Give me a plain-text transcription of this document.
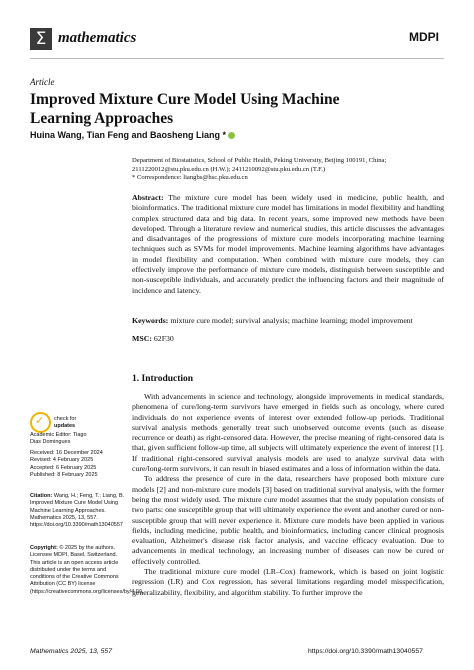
Σ mathematics	MDPI
Article
Improved Mixture Cure Model Using Machine Learning Approaches
Huina Wang, Tian Feng and Baosheng Liang *
Department of Biostatistics, School of Public Health, Peking University, Beijing 100191, China;
2111220012@stu.pku.edu.cn (H.W.); 2411210092@stu.pku.edu.cn (T.F.)
* Correspondence: liangbs@hsc.pku.edu.cn
Abstract: The mixture cure model has been widely used in medicine, public health, and bioinformatics. The traditional mixture cure model has limitations in model flexibility and handling complex structured data and big data. In recent years, some improved new methods have been developed. Through a literature review and numerical studies, this article discusses the advantages and disadvantages of the progressions of mixture cure models incorporating machine learning techniques such as SVMs for model improvements. Machine learning algorithms have advantages in model flexibility and computation. When combined with mixture cure models, they can effectively improve the performance of mixture cure models, distinguish between susceptible and non-susceptible individuals, and accurately predict the influencing factors and their magnitude of incidence and latency.
Keywords: mixture cure model; survival analysis; machine learning; model improvement
MSC: 62F30
1. Introduction

With advancements in science and technology, alongside improvements in medical standards, phenomena of cure/long-term survivors have emerged in fields such as oncology, where cured individuals do not experience events of interest over extended follow-up periods. Traditional survival analysis methods generally treat such unobserved outcome events (such as disease recurrence or death) as right-censored data. However, the precise meaning of right-censored data is that, given sufficient follow-up time, all subjects will ultimately experience the event of interest [1]. If traditional right-censored survival analysis models are used to analyze survival data with cure/long-term survivors, it can result in biased estimates and a loss of information within the data.

To address the presence of cure in the data, researchers have proposed both mixture cure models [2] and non-mixture cure models [3] based on traditional survival analysis, with the former being the most widely used. The mixture cure model assumes that the study population consists of two parts: one susceptible group that will ultimately experience the event and another cured or non-susceptible group that will never experience it. Mixture cure models have been applied in various fields, including medicine, public health, and bioinformatics, including cancer clinical prognosis evaluation, Alzheimer's disease risk factor analysis, and vaccine efficacy evaluation. Due to advancements in medical technology, an increasing number of diseases can now be cured or effectively controlled.

The traditional mixture cure model (LR–Cox) framework, which is based on joint logistic regression (LR) and Cox regression, has several limitations regarding model misspecification, generalizability, flexibility, and algorithm stability. To further improve the

✓ check for
updates
Academic Editor: Tiago
Dias Domingues
Received: 16 December 2024
Revised: 4 February 2025
Accepted: 6 February 2025
Published: 8 February 2025
Citation: Wang, H.; Feng, T.; Liang, B. Improved Mixture Cure Model Using Machine Learning Approaches. Mathematics 2025, 13, 557. https://doi.org/10.3390/math13040557
Copyright: © 2025 by the authors. Licensee MDPI, Basel, Switzerland. This article is an open access article distributed under the terms and conditions of the Creative Commons Attribution (CC BY) license (https://creativecommons.org/licenses/by/4.0/).
Mathematics 2025, 13, 557	https://doi.org/10.3390/math13040557
